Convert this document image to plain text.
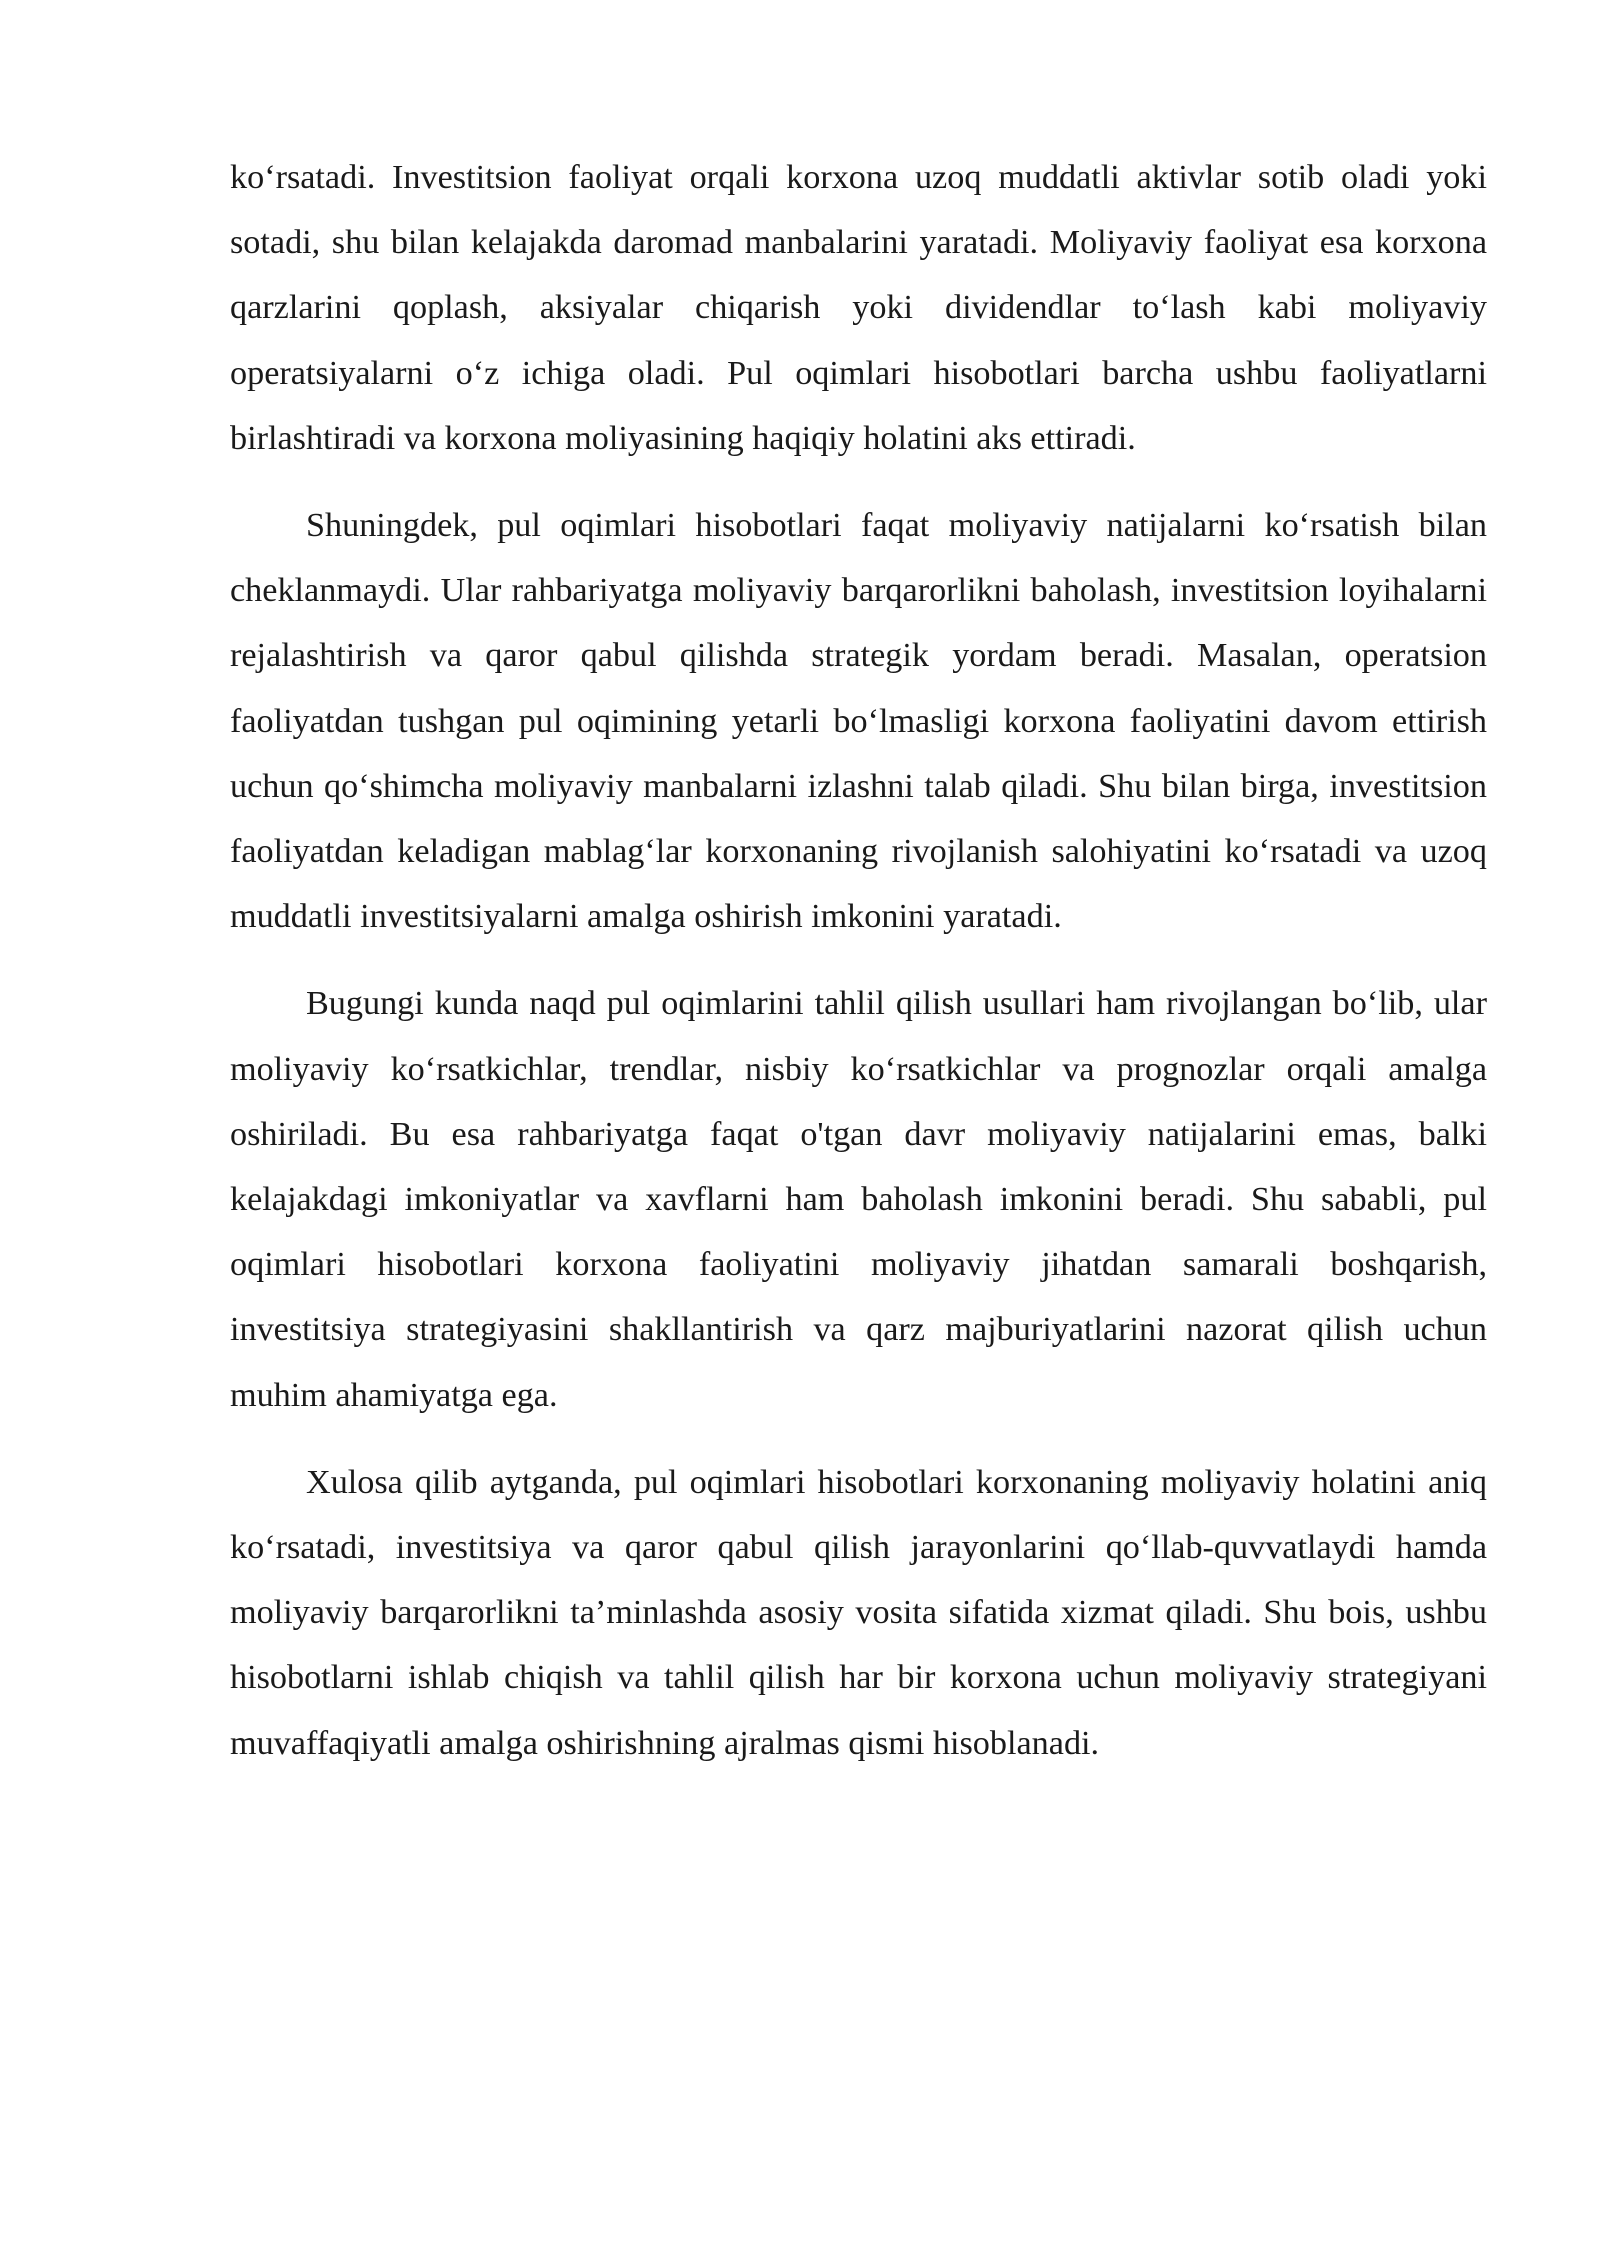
ko‘rsatadi. Investitsion faoliyat orqali korxona uzoq muddatli aktivlar sotib oladi yoki sotadi, shu bilan kelajakda daromad manbalarini yaratadi. Moliyaviy faoliyat esa korxona qarzlarini qoplash, aksiyalar chiqarish yoki dividendlar to‘lash kabi moliyaviy operatsiyalarni o‘z ichiga oladi. Pul oqimlari hisobotlari barcha ushbu faoliyatlarni birlashtiradi va korxona moliyasining haqiqiy holatini aks ettiradi.

Shuningdek, pul oqimlari hisobotlari faqat moliyaviy natijalarni ko‘rsatish bilan cheklanmaydi. Ular rahbariyatga moliyaviy barqarorlikni baholash, investitsion loyihalarni rejalashtirish va qaror qabul qilishda strategik yordam beradi. Masalan, operatsion faoliyatdan tushgan pul oqimining yetarli bo‘lmasligi korxona faoliyatini davom ettirish uchun qo‘shimcha moliyaviy manbalarni izlashni talab qiladi. Shu bilan birga, investitsion faoliyatdan keladigan mablag‘lar korxonaning rivojlanish salohiyatini ko‘rsatadi va uzoq muddatli investitsiyalarni amalga oshirish imkonini yaratadi.

Bugungi kunda naqd pul oqimlarini tahlil qilish usullari ham rivojlangan bo‘lib, ular moliyaviy ko‘rsatkichlar, trendlar, nisbiy ko‘rsatkichlar va prognozlar orqali amalga oshiriladi. Bu esa rahbariyatga faqat o'tgan davr moliyaviy natijalarini emas, balki kelajakdagi imkoniyatlar va xavflarni ham baholash imkonini beradi. Shu sababli, pul oqimlari hisobotlari korxona faoliyatini moliyaviy jihatdan samarali boshqarish, investitsiya strategiyasini shakllantirish va qarz majburiyatlarini nazorat qilish uchun muhim ahamiyatga ega.

Xulosa qilib aytganda, pul oqimlari hisobotlari korxonaning moliyaviy holatini aniq ko‘rsatadi, investitsiya va qaror qabul qilish jarayonlarini qo‘llab-quvvatlaydi hamda moliyaviy barqarorlikni ta’minlashda asosiy vosita sifatida xizmat qiladi. Shu bois, ushbu hisobotlarni ishlab chiqish va tahlil qilish har bir korxona uchun moliyaviy strategiyani muvaffaqiyatli amalga oshirishning ajralmas qismi hisoblanadi.
